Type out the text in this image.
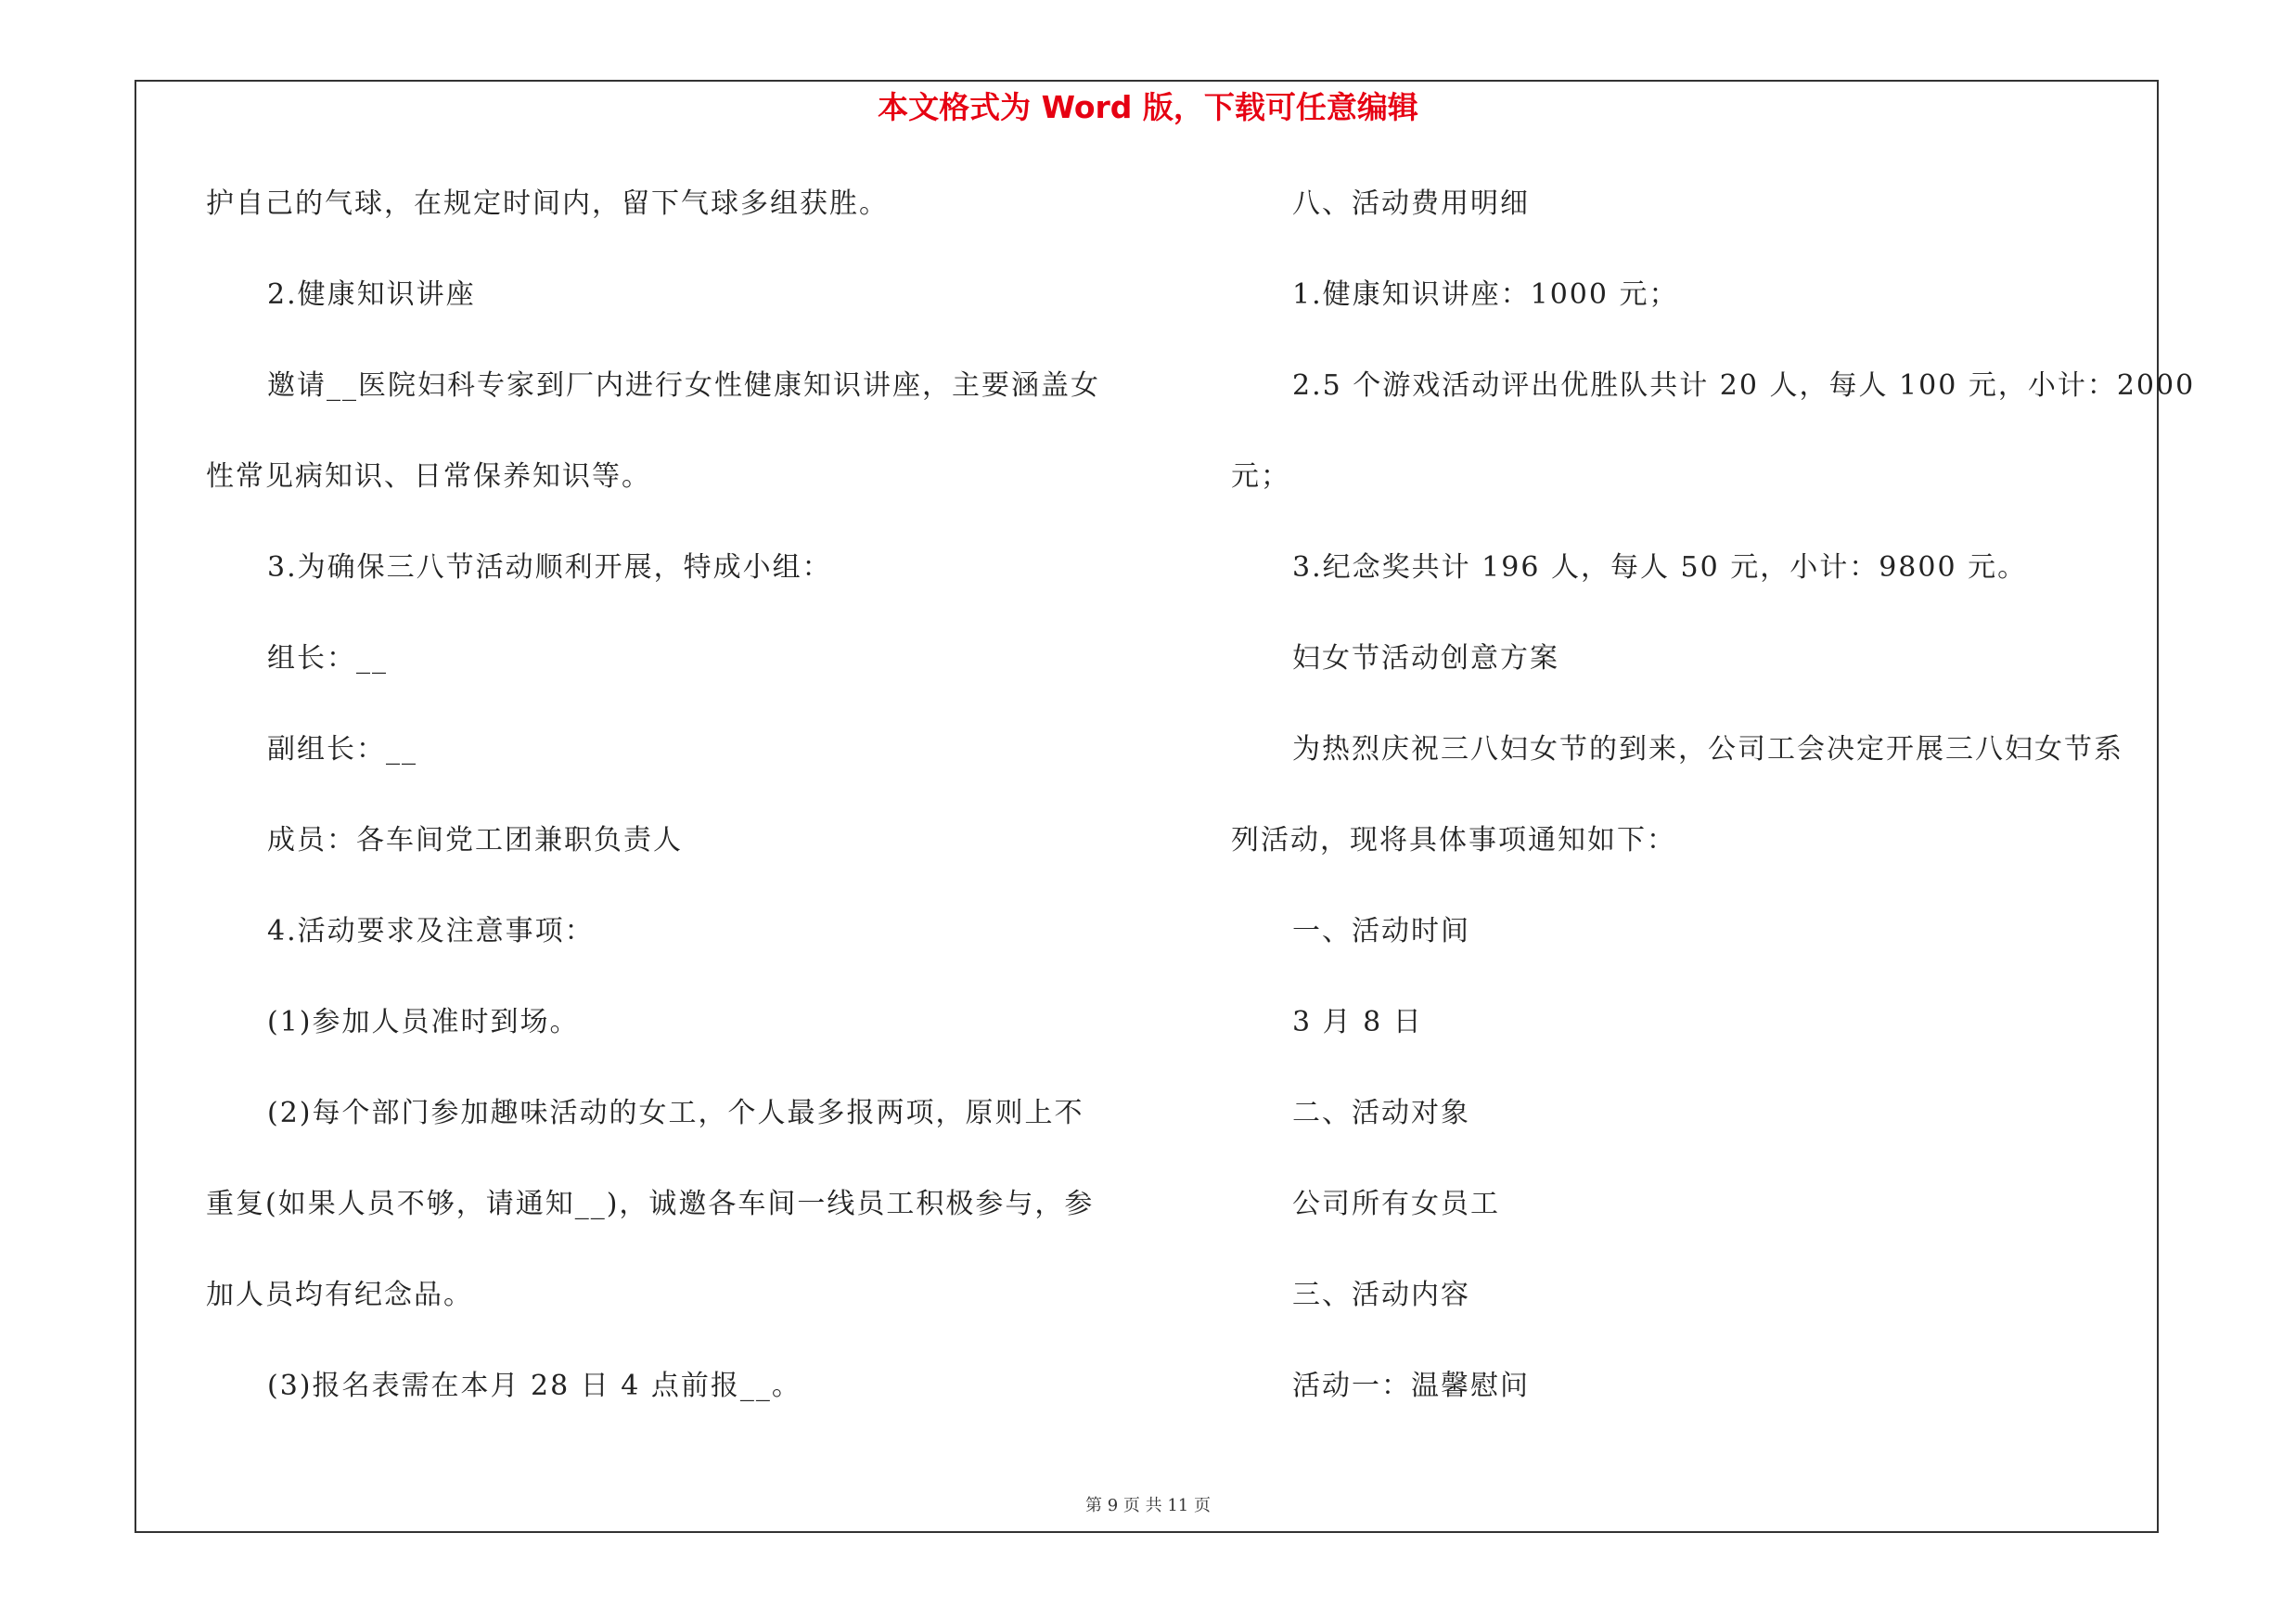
本文格式为 Word 版，下载可任意编辑
护自己的气球，在规定时间内，留下气球多组获胜。
2.健康知识讲座
邀请__医院妇科专家到厂内进行女性健康知识讲座，主要涵盖女
性常见病知识、日常保养知识等。
3.为确保三八节活动顺利开展，特成小组：
组长：__
副组长：__
成员：各车间党工团兼职负责人
4.活动要求及注意事项：
(1)参加人员准时到场。
(2)每个部门参加趣味活动的女工，个人最多报两项，原则上不
重复(如果人员不够，请通知__)，诚邀各车间一线员工积极参与，参
加人员均有纪念品。
(3)报名表需在本月 28 日 4 点前报__。
八、活动费用明细
1.健康知识讲座：1000 元；
2.5 个游戏活动评出优胜队共计 20 人，每人 100 元，小计：2000
元；
3.纪念奖共计 196 人，每人 50 元，小计：9800 元。
妇女节活动创意方案
为热烈庆祝三八妇女节的到来，公司工会决定开展三八妇女节系
列活动，现将具体事项通知如下：
一、活动时间
3 月 8 日
二、活动对象
公司所有女员工
三、活动内容
活动一：温馨慰问
第 9 页 共 11 页
